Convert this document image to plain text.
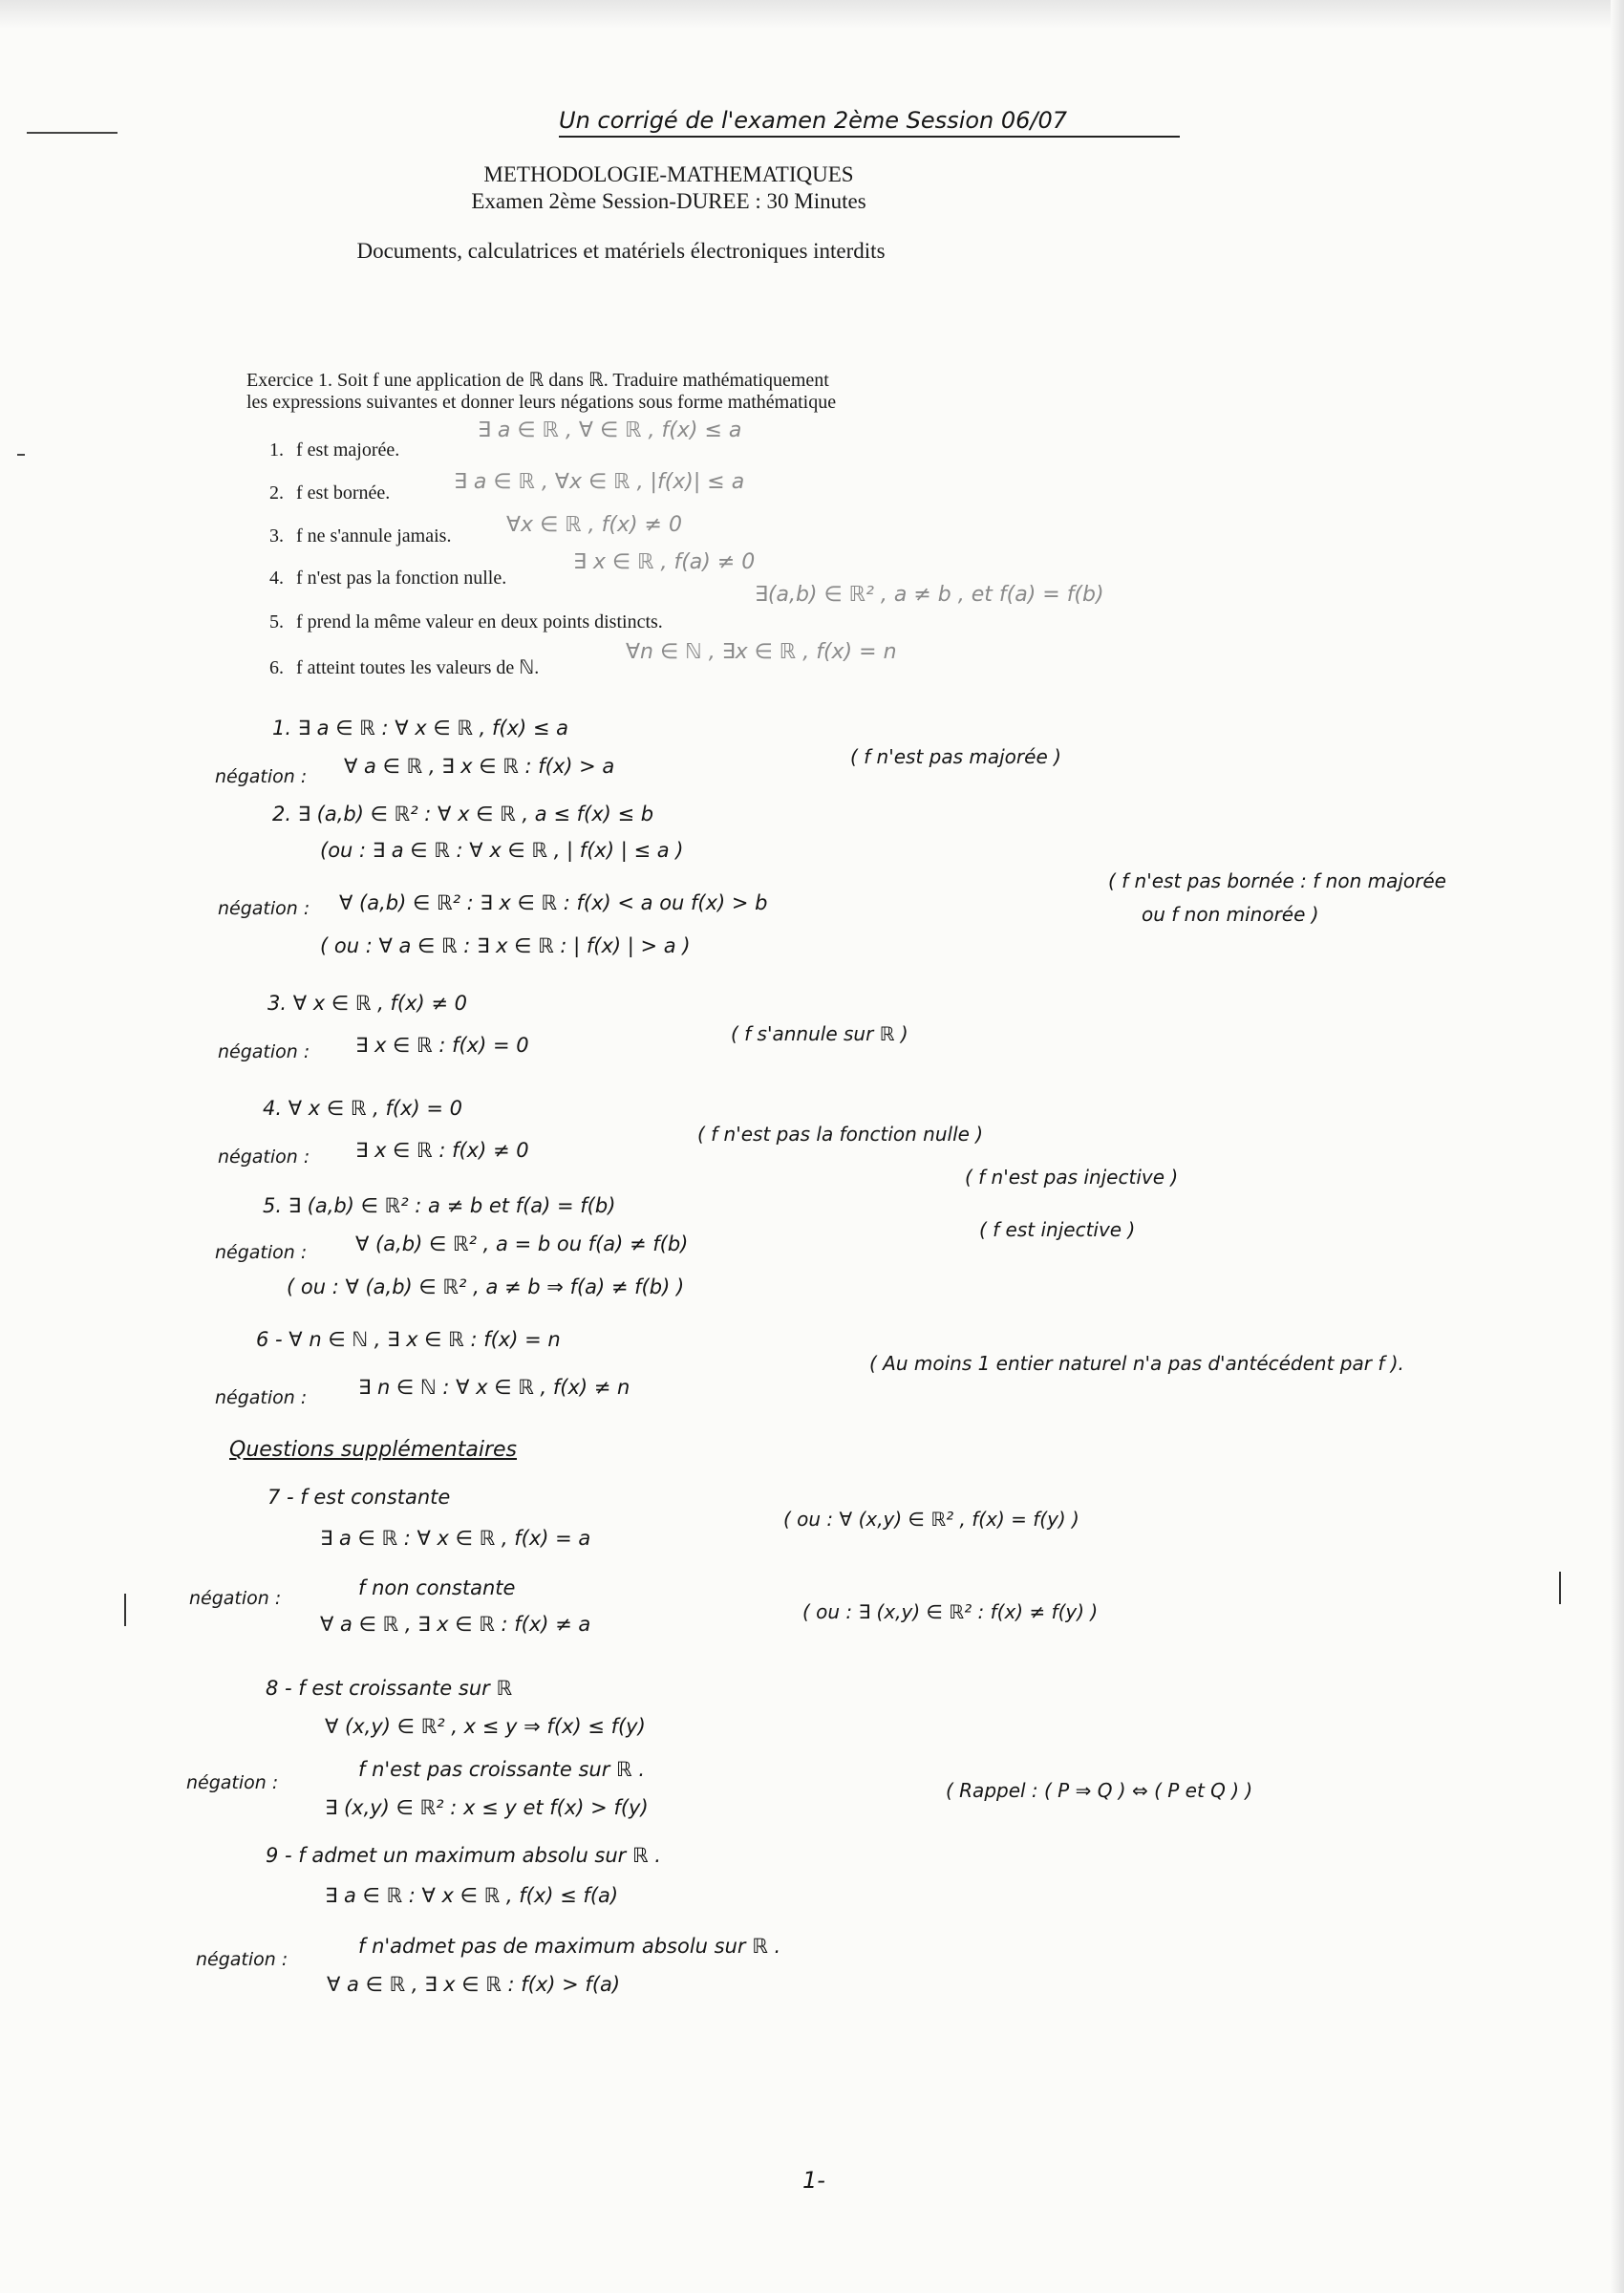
Un corrigé de l'examen 2ème Session 06/07
METHODOLOGIE-MATHEMATIQUES
Examen 2ème Session-DUREE : 30 Minutes
Documents, calculatrices et matériels électroniques interdits
Exercice 1. Soit f une application de ℝ dans ℝ. Traduire mathématiquement
les expressions suivantes et donner leurs négations sous forme mathématique
1. f est majorée.
∃ a ∈ ℝ , ∀ ∈ ℝ , f(x) ≤ a
2. f est bornée.	∃ a ∈ ℝ , ∀x ∈ ℝ , |f(x)| ≤ a
3. f ne s'annule jamais.	∀x ∈ ℝ , f(x) ≠ 0
4. f n'est pas la fonction nulle.
∃ x ∈ ℝ , f(a) ≠ 0
5. f prend la même valeur en deux points distincts.
∃(a,b) ∈ ℝ² , a ≠ b , et f(a) = f(b)
6. f atteint toutes les valeurs de ℕ.
∀n ∈ ℕ , ∃x ∈ ℝ , f(x) = n
1. ∃ a ∈ ℝ : ∀ x ∈ ℝ , f(x) ≤ a
négation : ∀ a ∈ ℝ , ∃ x ∈ ℝ : f(x) > a	( f n'est pas majorée )
2. ∃ (a,b) ∈ ℝ² : ∀ x ∈ ℝ , a ≤ f(x) ≤ b
(ou : ∃ a ∈ ℝ : ∀ x ∈ ℝ , | f(x) | ≤ a )
négation : ∀ (a,b) ∈ ℝ² : ∃ x ∈ ℝ : f(x) < a ou f(x) > b
( f n'est pas bornée : f non majorée
ou f non minorée )
( ou : ∀ a ∈ ℝ : ∃ x ∈ ℝ : | f(x) | > a )
3. ∀ x ∈ ℝ , f(x) ≠ 0
négation : ∃ x ∈ ℝ : f(x) = 0	( f s'annule sur ℝ )
4. ∀ x ∈ ℝ , f(x) = 0
négation : ∃ x ∈ ℝ : f(x) ≠ 0
( f n'est pas la fonction nulle )
5. ∃ (a,b) ∈ ℝ² : a ≠ b et f(a) = f(b)
( f n'est pas injective )
négation : ∀ (a,b) ∈ ℝ² , a = b ou f(a) ≠ f(b)
( f est injective )
( ou : ∀ (a,b) ∈ ℝ² , a ≠ b ⇒ f(a) ≠ f(b) )
6 - ∀ n ∈ ℕ , ∃ x ∈ ℝ : f(x) = n
négation :	∃ n ∈ ℕ : ∀ x ∈ ℝ , f(x) ≠ n
( Au moins 1 entier naturel n'a pas d'antécédent par f ).
Questions supplémentaires
7 - f est constante
∃ a ∈ ℝ : ∀ x ∈ ℝ , f(x) = a
( ou : ∀ (x,y) ∈ ℝ² , f(x) = f(y) )
négation :	f non constante
∀ a ∈ ℝ , ∃ x ∈ ℝ : f(x) ≠ a
( ou : ∃ (x,y) ∈ ℝ² : f(x) ≠ f(y) )
8 - f est croissante sur ℝ
∀ (x,y) ∈ ℝ² , x ≤ y ⇒ f(x) ≤ f(y)
négation :
f n'est pas croissante sur ℝ .
∃ (x,y) ∈ ℝ² : x ≤ y et f(x) > f(y)
( Rappel : ( P ⇒ Q ) ⇔ ( P et Q ) )
9 - f admet un maximum absolu sur ℝ .
∃ a ∈ ℝ : ∀ x ∈ ℝ , f(x) ≤ f(a)
négation :
f n'admet pas de maximum absolu sur ℝ .
∀ a ∈ ℝ , ∃ x ∈ ℝ : f(x) > f(a)
1-
